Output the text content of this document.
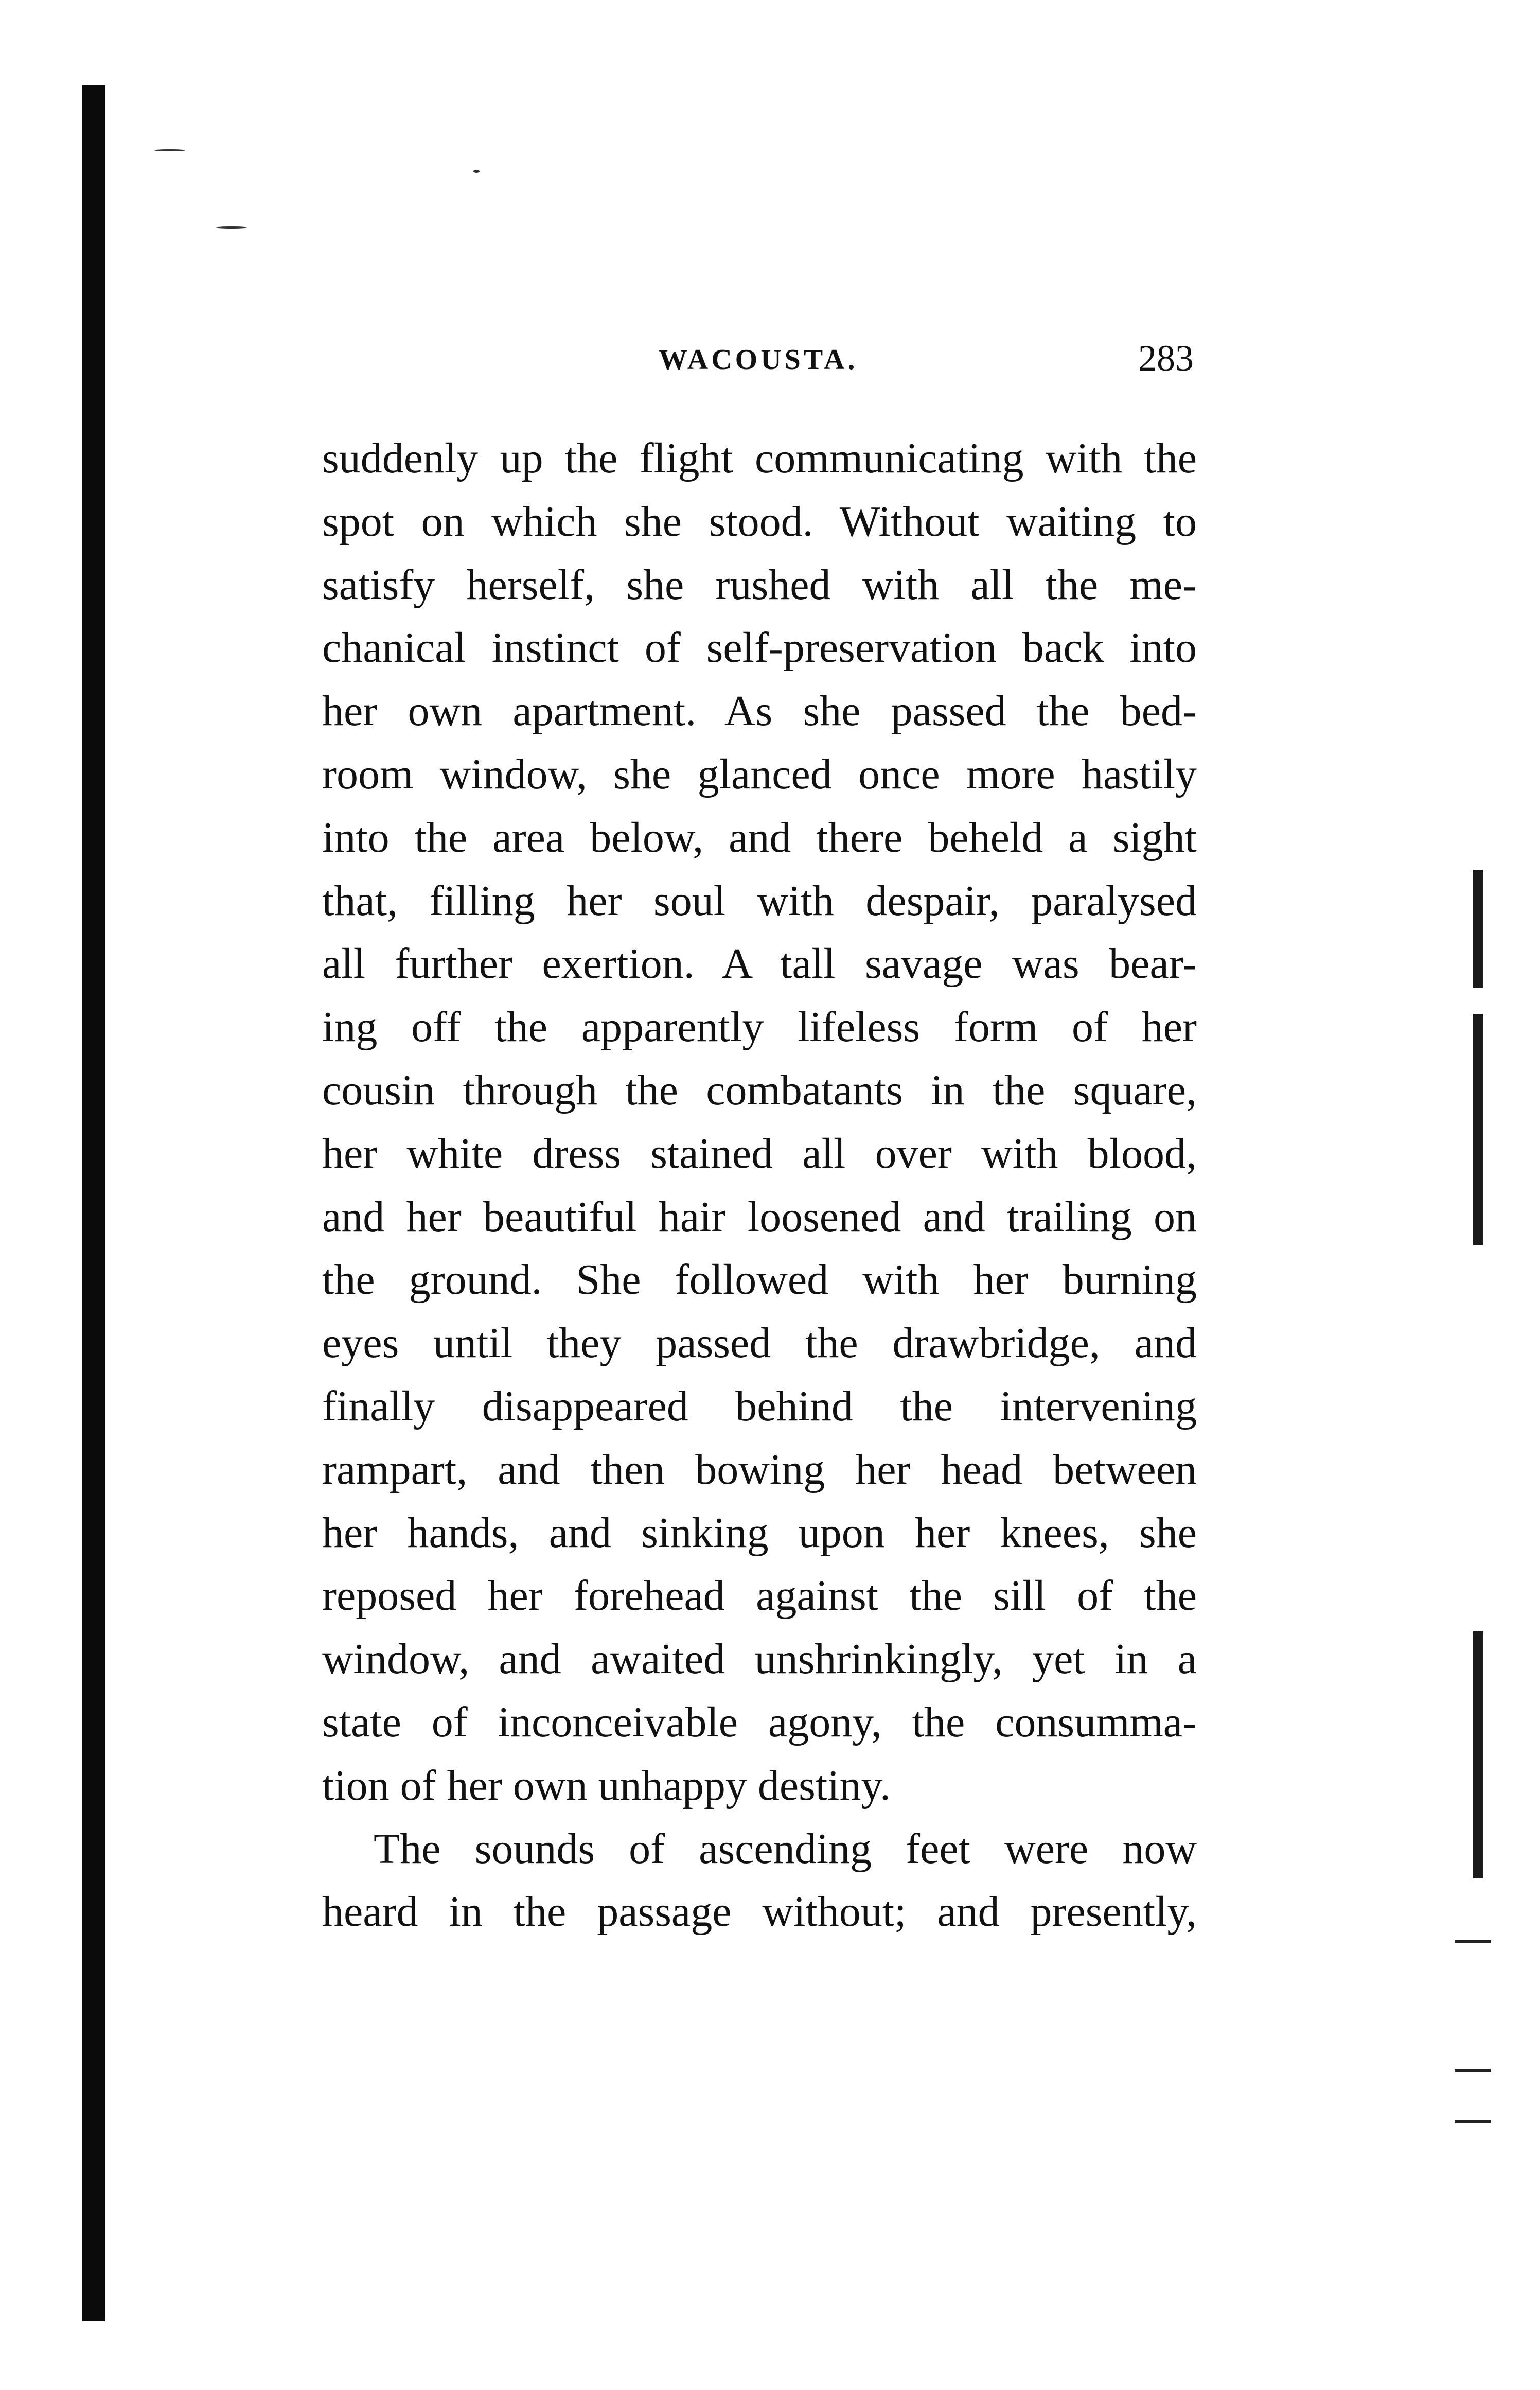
WACOUSTA.	283
suddenly up the flight communicating with the
spot on which she stood. Without waiting to
satisfy herself, she rushed with all the me-
chanical instinct of self-preservation back into
her own apartment. As she passed the bed-
room window, she glanced once more hastily
into the area below, and there beheld a sight
that, filling her soul with despair, paralysed
all further exertion. A tall savage was bear-
ing off the apparently lifeless form of her
cousin through the combatants in the square,
her white dress stained all over with blood,
and her beautiful hair loosened and trailing on
the ground. She followed with her burning
eyes until they passed the drawbridge, and
finally disappeared behind the intervening
rampart, and then bowing her head between
her hands, and sinking upon her knees, she
reposed her forehead against the sill of the
window, and awaited unshrinkingly, yet in a
state of inconceivable agony, the consumma-
tion of her own unhappy destiny.
The sounds of ascending feet were now
heard in the passage without; and presently,
